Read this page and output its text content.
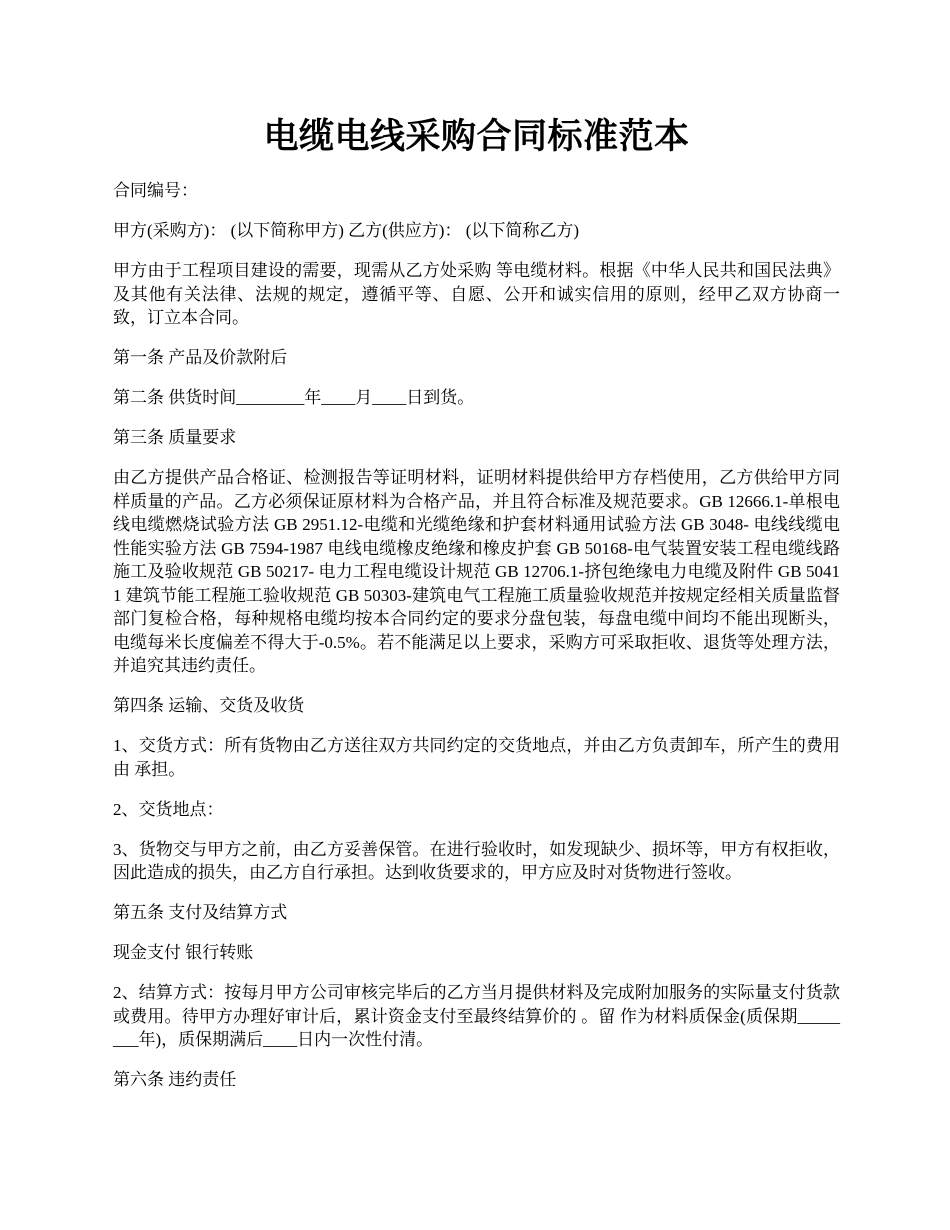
电缆电线采购合同标准范本

合同编号：

甲方(采购方)： (以下简称甲方) 乙方(供应方)： (以下简称乙方)

甲方由于工程项目建设的需要，现需从乙方处采购 等电缆材料。根据《中华人民共和国民法典》及其他有关法律、法规的规定，遵循平等、自愿、公开和诚实信用的原则，经甲乙双方协商一致，订立本合同。

第一条 产品及价款附后

第二条 供货时间________年____月____日到货。

第三条 质量要求

由乙方提供产品合格证、检测报告等证明材料，证明材料提供给甲方存档使用，乙方供给甲方同样质量的产品。乙方必须保证原材料为合格产品，并且符合标准及规范要求。GB 12666.1-单根电线电缆燃烧试验方法 GB 2951.12-电缆和光缆绝缘和护套材料通用试验方法 GB 3048- 电线线缆电性能实验方法 GB 7594-1987 电线电缆橡皮绝缘和橡皮护套 GB 50168-电气装置安装工程电缆线路施工及验收规范 GB 50217- 电力工程电缆设计规范 GB 12706.1-挤包绝缘电力电缆及附件 GB 50411 建筑节能工程施工验收规范 GB 50303-建筑电气工程施工质量验收规范并按规定经相关质量监督部门复检合格，每种规格电缆均按本合同约定的要求分盘包装，每盘电缆中间均不能出现断头，电缆每米长度偏差不得大于-0.5%。若不能满足以上要求，采购方可采取拒收、退货等处理方法，并追究其违约责任。

第四条 运输、交货及收货

1、交货方式：所有货物由乙方送往双方共同约定的交货地点，并由乙方负责卸车，所产生的费用由 承担。

2、交货地点：

3、货物交与甲方之前，由乙方妥善保管。在进行验收时，如发现缺少、损坏等，甲方有权拒收，因此造成的损失，由乙方自行承担。达到收货要求的，甲方应及时对货物进行签收。

第五条 支付及结算方式

现金支付 银行转账

2、结算方式：按每月甲方公司审核完毕后的乙方当月提供材料及完成附加服务的实际量支付货款或费用。待甲方办理好审计后，累计资金支付至最终结算价的 。留 作为材料质保金(质保期________年)，质保期满后____日内一次性付清。

第六条 违约责任
